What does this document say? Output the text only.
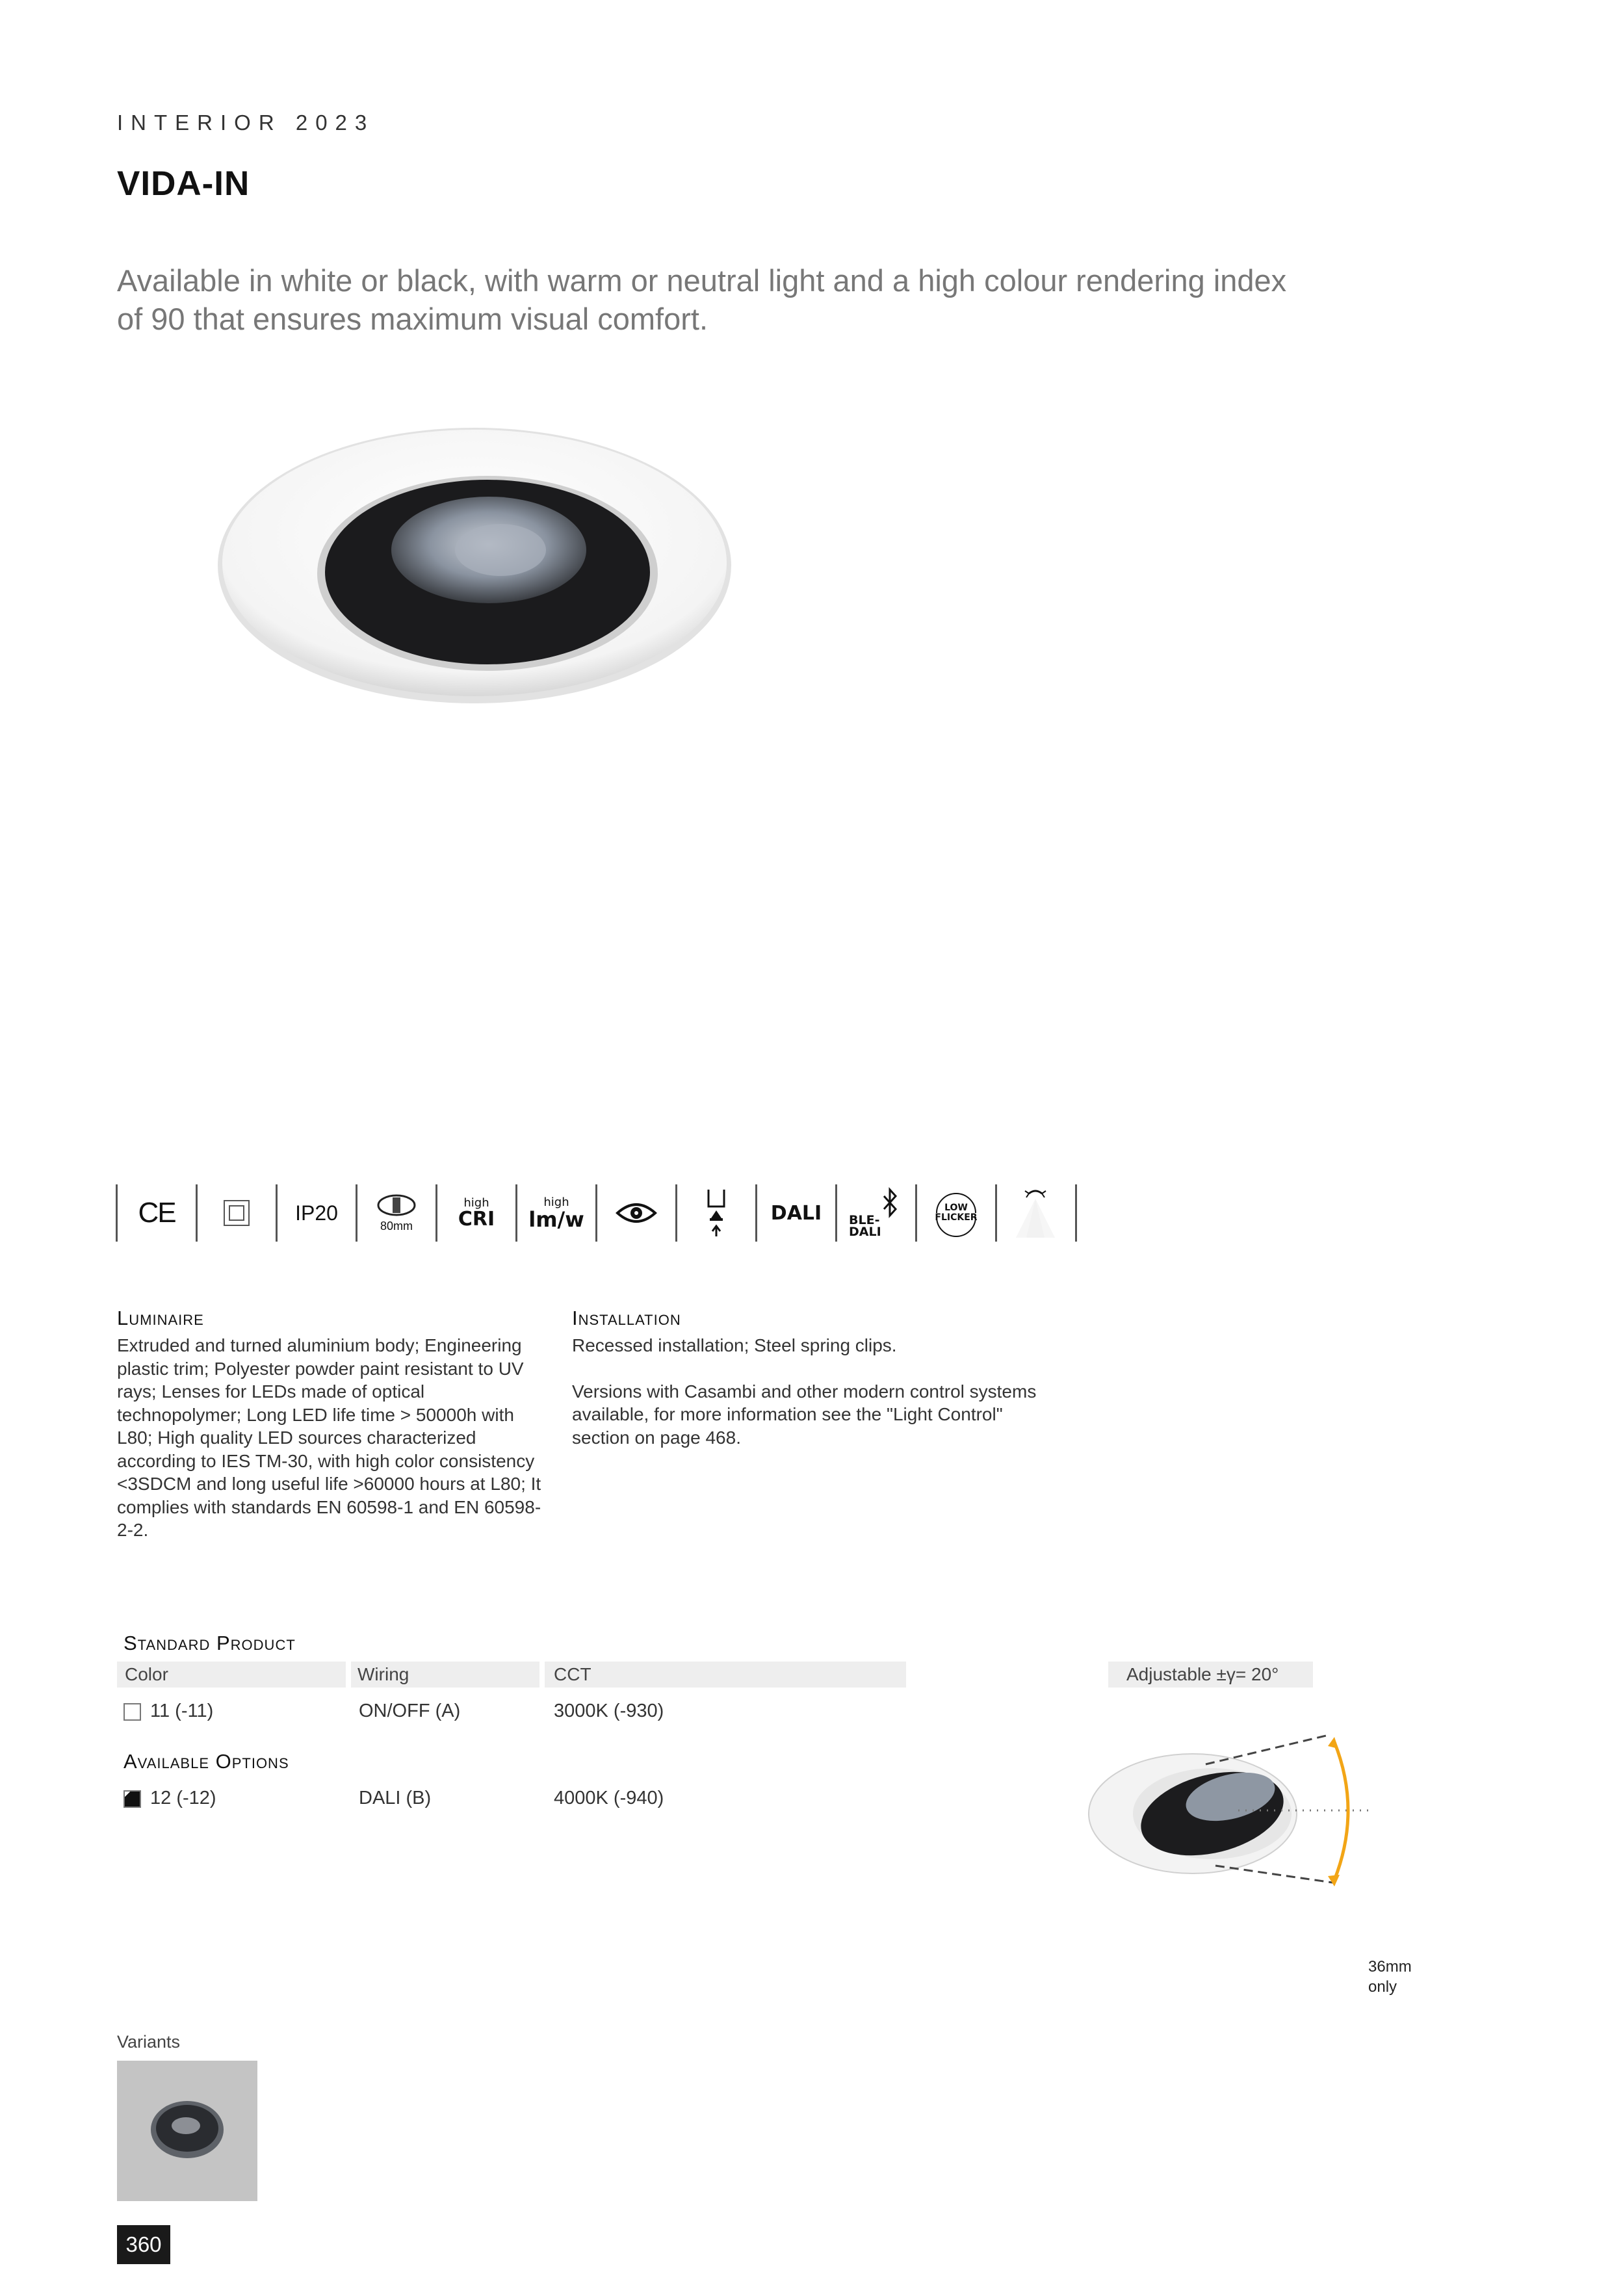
INTERIOR 2023
VIDA-IN
Available in white or black, with warm or neutral light and a high colour rendering index of 90 that ensures maximum visual comfort.
CE	IP20
80mm
high
CRI
high
lm/w	DALI BLE-DALI
LOW
FLICKER
Luminaire
Extruded and turned aluminium body; Engineering plastic trim; Polyester powder paint resistant to UV rays; Lenses for LEDs made of optical technopolymer; Long LED life time > 50000h with L80; High quality LED sources characterized according to IES TM-30, with high color consistency <3SDCM and long useful life >60000 hours at L80; It complies with standards EN 60598-1 and EN 60598-2-2.
Installation
Recessed installation; Steel spring clips.
Versions with Casambi and other modern control systems available, for more information see the "Light Control" section on page 468.
Standard Product
Color	Wiring	CCT
11 (-11)	ON/OFF (A)	3000K (-930)
Available Options
12 (-12)	DALI (B)	4000K (-940)
Adjustable ±γ= 20°
36mm
only
Variants
360
